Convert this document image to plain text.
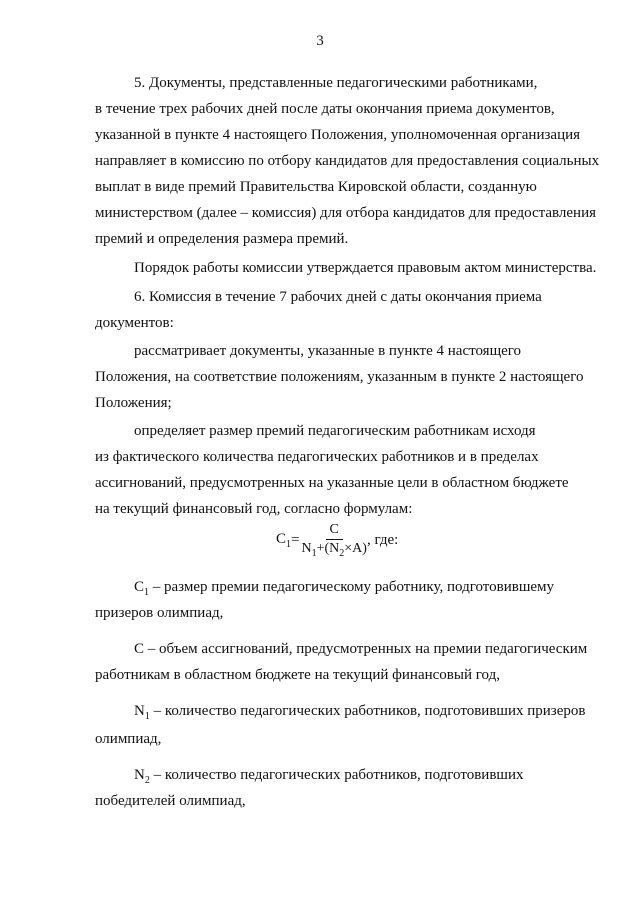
3
5. Документы, представленные педагогическими работниками,
в течение трех рабочих дней после даты окончания приема документов,
указанной в пункте 4 настоящего Положения, уполномоченная организация
направляет в комиссию по отбору кандидатов для предоставления социальных
выплат в виде премий Правительства Кировской области, созданную
министерством (далее – комиссия) для отбора кандидатов для предоставления
премий и определения размера премий.
Порядок работы комиссии утверждается правовым актом министерства.
6. Комиссия в течение 7 рабочих дней с даты окончания приема
документов:
рассматривает документы, указанные в пункте 4 настоящего
Положения, на соответствие положениям, указанным в пункте 2 настоящего
Положения;
определяет размер премий педагогическим работникам исходя
из фактического количества педагогических работников и в пределах
ассигнований, предусмотренных на указанные цели в областном бюджете
на текущий финансовый год, согласно формулам:
$C_1 = \frac{C}{N_1+(N_2\times A)}$ , где:
$C_1$ – размер премии педагогическому работнику, подготовившему
призеров олимпиад,
C – объем ассигнований, предусмотренных на премии педагогическим
работникам в областном бюджете на текущий финансовый год,
$N_1$ – количество педагогических работников, подготовивших призеров
олимпиад,
$N_2$ – количество педагогических работников, подготовивших
победителей олимпиад,
